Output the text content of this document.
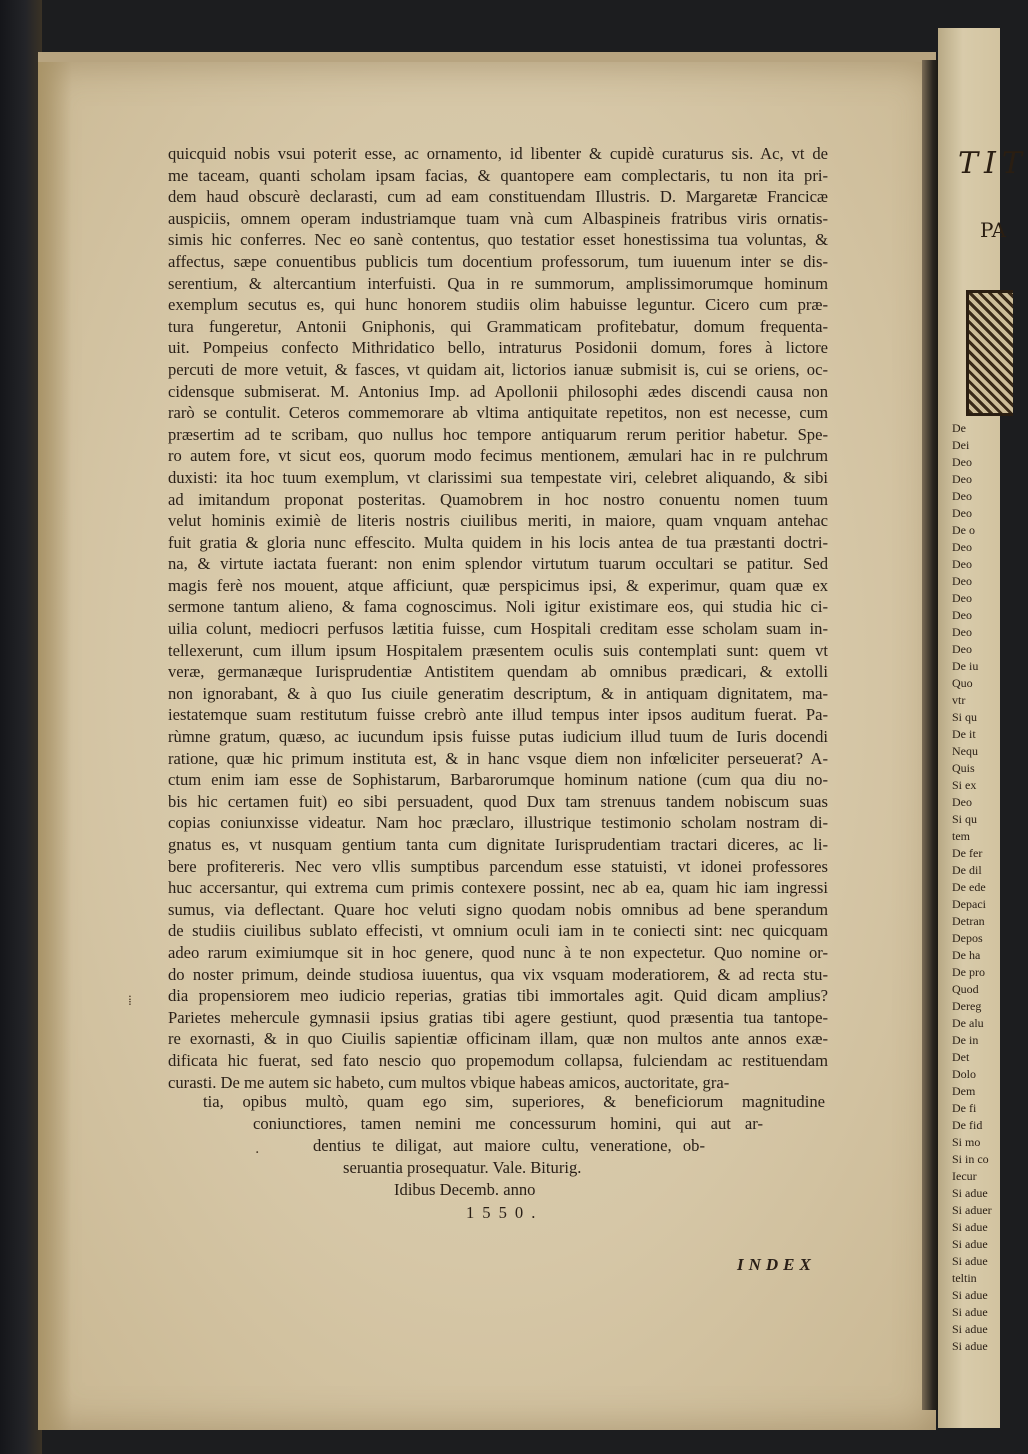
TIT
PA
De
Dei
Deo
Deo
Deo
Deo
De o
Deo
Deo
Deo
Deo
Deo
Deo
Deo
De iu
Quo
vtr
Si qu
De it
Nequ
Quis
Si ex
Deo
Si qu
tem
De fer
De dil
De ede
Depaci
Detran
Depos
De ha
De pro
Quod
Dereg
De alu
De in
Det
Dolo
Dem
De fi
De fid
Si mo
Si in co
Iecur
Si adue
Si aduer
Si adue
Si adue
Si adue
teltin
Si adue
Si adue
Si adue
Si adue
quicquid nobis vsui poterit esse, ac ornamento, id libenter & cupidè curaturus sis. Ac, vt de
me taceam, quanti scholam ipsam facias, & quantopere eam complectaris, tu non ita pri-
dem haud obscurè declarasti, cum ad eam constituendam Illustris. D. Margaretæ Francicæ
auspiciis, omnem operam industriamque tuam vnà cum Albaspineis fratribus viris ornatis-
simis hic conferres. Nec eo sanè contentus, quo testatior esset honestissima tua voluntas, &
affectus, sæpe conuentibus publicis tum docentium professorum, tum iuuenum inter se dis-
serentium, & altercantium interfuisti. Qua in re summorum, amplissimorumque hominum
exemplum secutus es, qui hunc honorem studiis olim habuisse leguntur. Cicero cum præ-
tura fungeretur, Antonii Gniphonis, qui Grammaticam profitebatur, domum frequenta-
uit. Pompeius confecto Mithridatico bello, intraturus Posidonii domum, fores à lictore
percuti de more vetuit, & fasces, vt quidam ait, lictorios ianuæ submisit is, cui se oriens, oc-
cidensque submiserat. M. Antonius Imp. ad Apollonii philosophi ædes discendi causa non
rarò se contulit. Ceteros commemorare ab vltima antiquitate repetitos, non est necesse, cum
præsertim ad te scribam, quo nullus hoc tempore antiquarum rerum peritior habetur. Spe-
ro autem fore, vt sicut eos, quorum modo fecimus mentionem, æmulari hac in re pulchrum
duxisti: ita hoc tuum exemplum, vt clarissimi sua tempestate viri, celebret aliquando, & sibi
ad imitandum proponat posteritas. Quamobrem in hoc nostro conuentu nomen tuum
velut hominis eximiè de literis nostris ciuilibus meriti, in maiore, quam vnquam antehac
fuit gratia & gloria nunc effescito. Multa quidem in his locis antea de tua præstanti doctri-
na, & virtute iactata fuerant: non enim splendor virtutum tuarum occultari se patitur. Sed
magis ferè nos mouent, atque afficiunt, quæ perspicimus ipsi, & experimur, quam quæ ex
sermone tantum alieno, & fama cognoscimus. Noli igitur existimare eos, qui studia hic ci-
uilia colunt, mediocri perfusos lætitia fuisse, cum Hospitali creditam esse scholam suam in-
tellexerunt, cum illum ipsum Hospitalem præsentem oculis suis contemplati sunt: quem vt
veræ, germanæque Iurisprudentiæ Antistitem quendam ab omnibus prædicari, & extolli
non ignorabant, & à quo Ius ciuile generatim descriptum, & in antiquam dignitatem, ma-
iestatemque suam restitutum fuisse crebrò ante illud tempus inter ipsos auditum fuerat. Pa-
rùmne gratum, quæso, ac iucundum ipsis fuisse putas iudicium illud tuum de Iuris docendi
ratione, quæ hic primum instituta est, & in hanc vsque diem non infœliciter perseuerat? A-
ctum enim iam esse de Sophistarum, Barbarorumque hominum natione (cum qua diu no-
bis hic certamen fuit) eo sibi persuadent, quod Dux tam strenuus tandem nobiscum suas
copias coniunxisse videatur. Nam hoc præclaro, illustrique testimonio scholam nostram di-
gnatus es, vt nusquam gentium tanta cum dignitate Iurisprudentiam tractari diceres, ac li-
bere profitereris. Nec vero vllis sumptibus parcendum esse statuisti, vt idonei professores
huc accersantur, qui extrema cum primis contexere possint, nec ab ea, quam hic iam ingressi
sumus, via deflectant. Quare hoc veluti signo quodam nobis omnibus ad bene sperandum
de studiis ciuilibus sublato effecisti, vt omnium oculi iam in te coniecti sint: nec quicquam
adeo rarum eximiumque sit in hoc genere, quod nunc à te non expectetur. Quo nomine or-
do noster primum, deinde studiosa iuuentus, qua vix vsquam moderatiorem, & ad recta stu-
dia propensiorem meo iudicio reperias, gratias tibi immortales agit. Quid dicam amplius?
Parietes mehercule gymnasii ipsius gratias tibi agere gestiunt, quod præsentia tua tantope-
re exornasti, & in quo Ciuilis sapientiæ officinam illam, quæ non multos ante annos exæ-
dificata hic fuerat, sed fato nescio quo propemodum collapsa, fulciendam ac restituendam
curasti. De me autem sic habeto, cum multos vbique habeas amicos, auctoritate, gra-
tia, opibus multò, quam ego sim, superiores, & beneficiorum magnitudine
coniunctiores, tamen nemini me concessurum homini, qui aut ar-
dentius te diligat, aut maiore cultu, veneratione, ob-
seruantia prosequatur. Vale. Biturig.
Idibus Decemb. anno
1550.
INDEX
⁞
·
